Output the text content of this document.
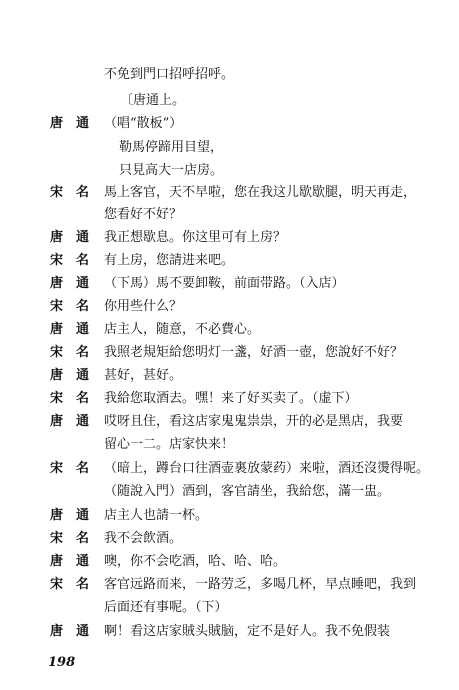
不免到門口招呼招呼。
〔唐通上。
唐　通	（唱“散板”）
勒馬停蹄用目望，
只見高大一店房。
宋　名	馬上客官，天不早啦，您在我这儿歇歇腿，明天再走，
您看好不好？
唐　通	我正想歇息。你这里可有上房？
宋　名	有上房，您請进来吧。
唐　通	（下馬）馬不要卸鞍，前面带路。（入店）
宋　名	你用些什么？
唐　通	店主人，随意，不必費心。
宋　名	我照老規矩給您明灯一盞，好酒一壺，您說好不好？
唐　通	甚好，甚好。
宋　名	我給您取酒去。嘿！来了好买卖了。（虚下）
唐　通	哎呀且住，看这店家鬼鬼祟祟，开的必是黑店，我要
留心一二。店家快来！
宋　名	（暗上，蹲台口往酒壶裏放蒙药）来啦，酒还沒燙得呢。
（随說入門）酒到，客官請坐，我給您，滿一盅。
唐　通	店主人也請一杯。
宋　名	我不会飲酒。
唐　通	噢，你不会吃酒，哈、哈、哈。
宋　名	客官远路而来，一路劳乏，多喝几杯，早点睡吧，我到
后面还有事呢。（下）
唐　通	啊！看这店家賊头賊脑，定不是好人。我不免假装
198
